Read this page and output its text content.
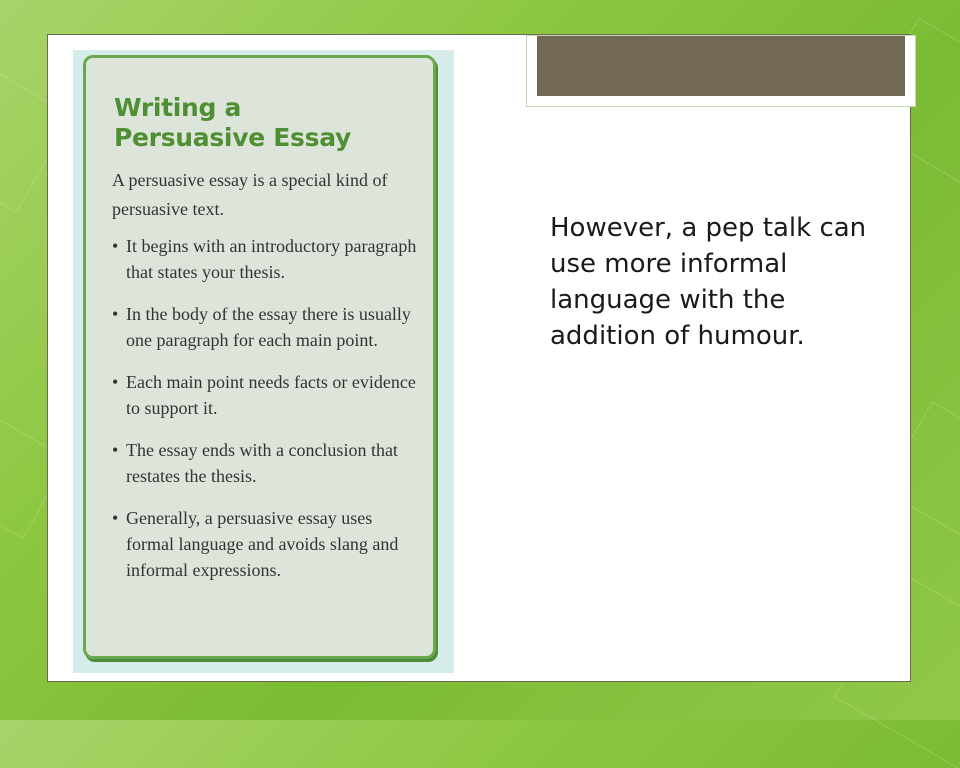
Writing a
Persuasive Essay
A persuasive essay is a special kind of persuasive text.
• It begins with an introductory paragraph that states your thesis.
• In the body of the essay there is usually one paragraph for each main point.
• Each main point needs facts or evidence to support it.
• The essay ends with a conclusion that restates the thesis.
• Generally, a persuasive essay uses formal language and avoids slang and informal expressions.
However, a pep talk can use more informal language with the addition of humour.
